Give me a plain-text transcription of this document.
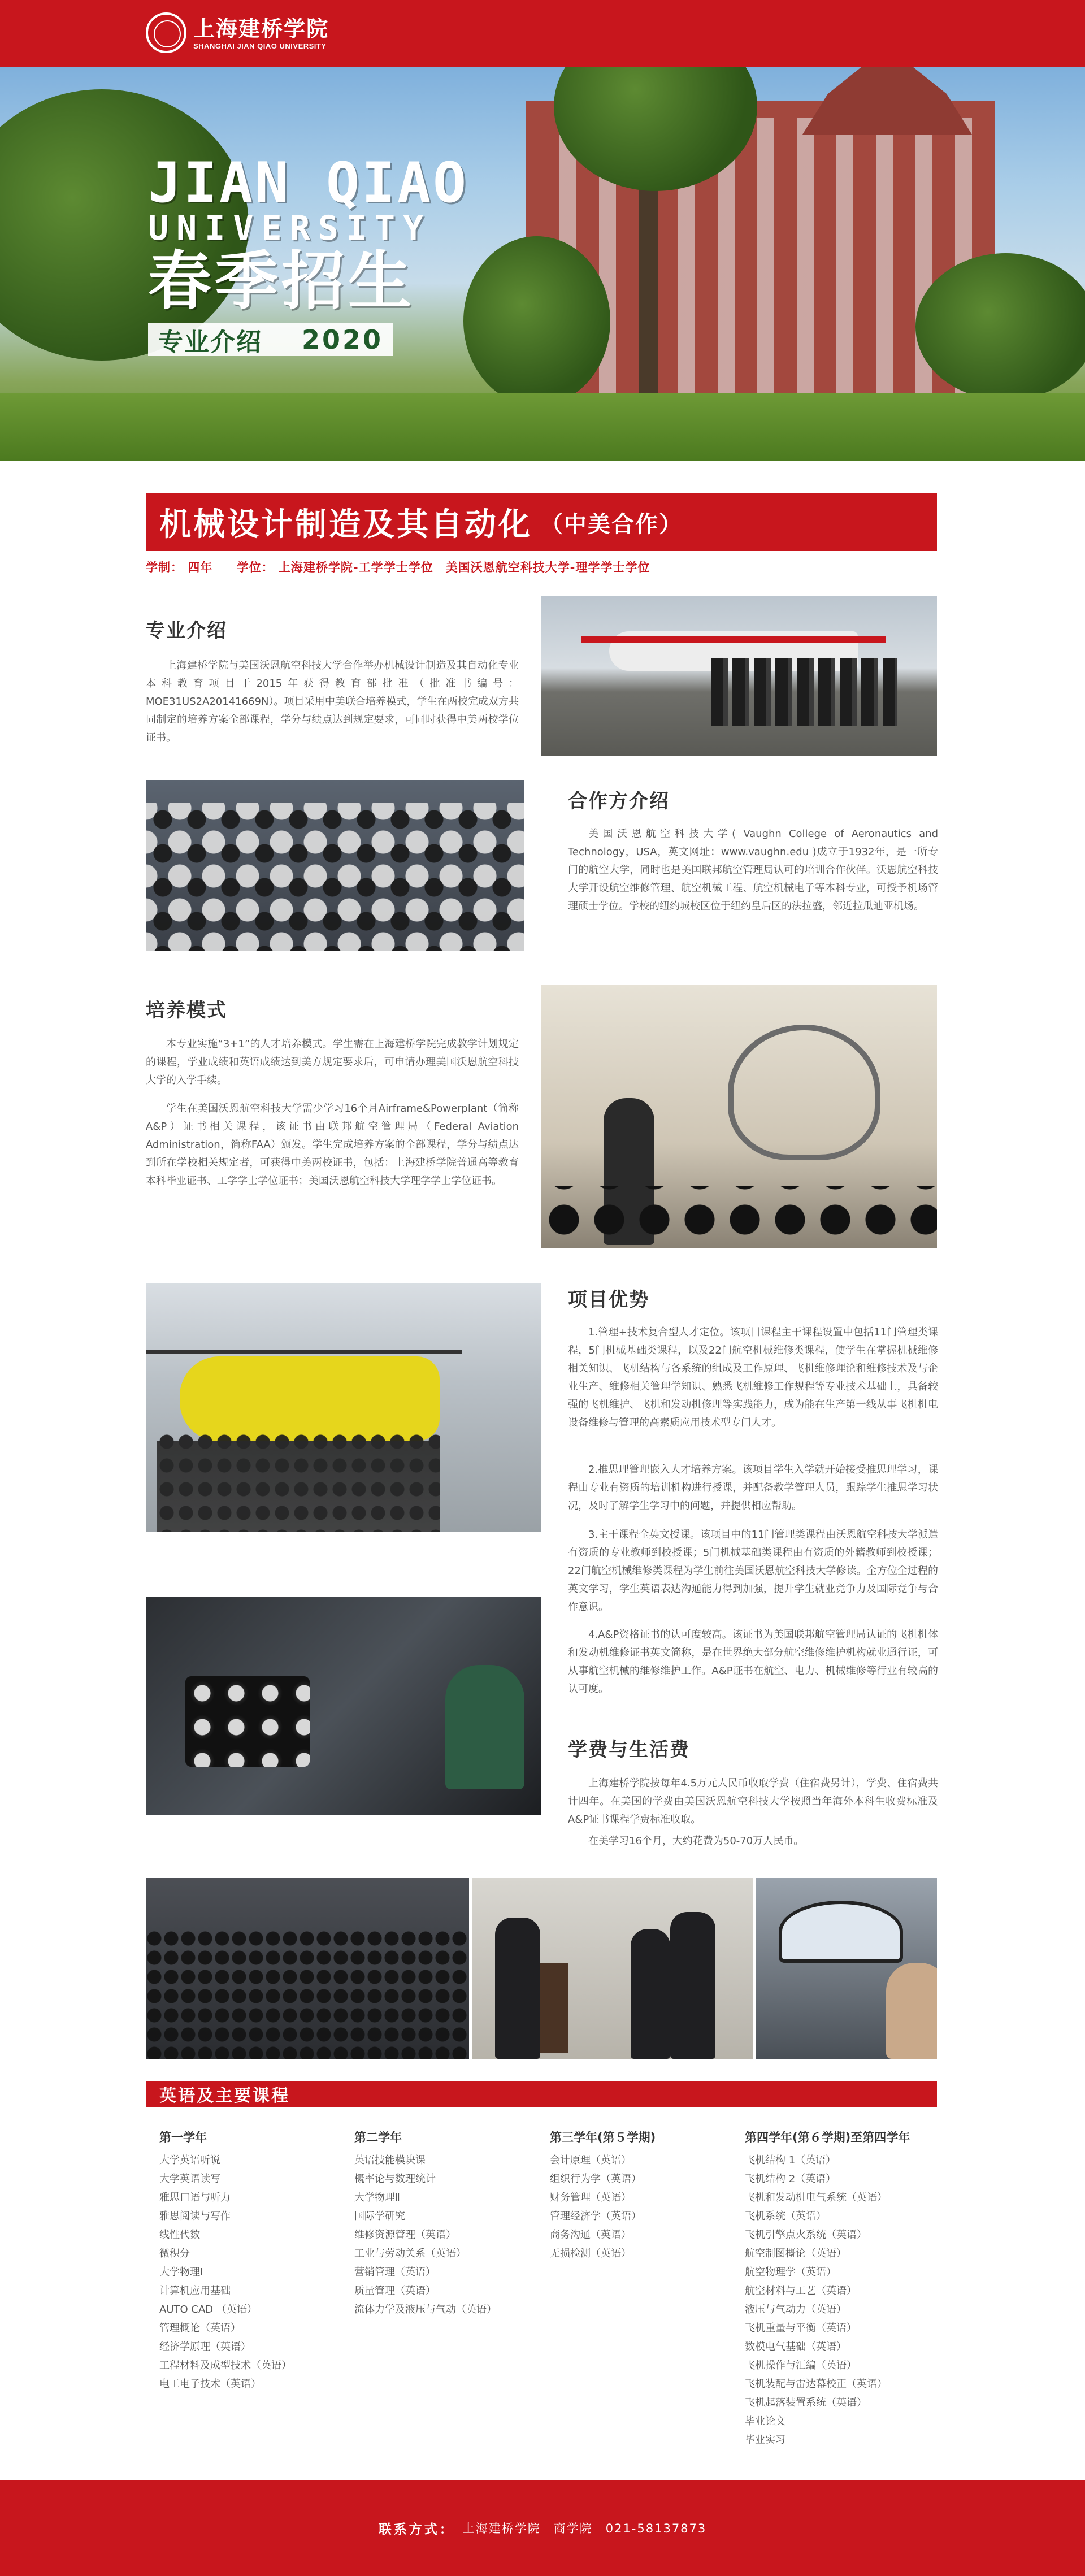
上海建桥学院
SHANGHAI JIAN QIAO UNIVERSITY
JIAN QIAO
UNIVERSITY
春季招生
专业介绍 2020
机械设计制造及其自动化 （中美合作）
学制： 四年 学位： 上海建桥学院-工学学士学位　美国沃恩航空科技大学-理学学士学位
专业介绍
上海建桥学院与美国沃恩航空科技大学合作举办机械设计制造及其自动化专业本科教育项目于2015年获得教育部批准（批准书编号：MOE31US2A20141669N）。项目采用中美联合培养模式，学生在两校完成双方共同制定的培养方案全部课程，学分与绩点达到规定要求，可同时获得中美两校学位证书。
合作方介绍
美国沃恩航空科技大学( Vaughn College of Aeronautics and Technology，USA，英文网址：www.vaughn.edu )成立于1932年，是一所专门的航空大学，同时也是美国联邦航空管理局认可的培训合作伙伴。沃恩航空科技大学开设航空维修管理、航空机械工程、航空机械电子等本科专业，可授予机场管理硕士学位。学校的纽约城校区位于纽约皇后区的法拉盛，邻近拉瓜迪亚机场。
培养模式
本专业实施“3+1”的人才培养模式。学生需在上海建桥学院完成教学计划规定的课程，学业成绩和英语成绩达到美方规定要求后，可申请办理美国沃恩航空科技大学的入学手续。
学生在美国沃恩航空科技大学需少学习16个月Airframe&Powerplant（简称A&P）证书相关课程，该证书由联邦航空管理局（Federal Aviation Administration，简称FAA）颁发。学生完成培养方案的全部课程，学分与绩点达到所在学校相关规定者，可获得中美两校证书，包括：上海建桥学院普通高等教育本科毕业证书、工学学士学位证书；美国沃恩航空科技大学理学学士学位证书。
项目优势
1.管理+技术复合型人才定位。该项目课程主干课程设置中包括11门管理类课程，5门机械基础类课程，以及22门航空机械维修类课程，使学生在掌握机械维修相关知识、飞机结构与各系统的组成及工作原理、飞机维修理论和维修技术及与企业生产、维修相关管理学知识、熟悉飞机维修工作规程等专业技术基础上，具备较强的飞机维护、飞机和发动机修理等实践能力，成为能在生产第一线从事飞机机电设备维修与管理的高素质应用技术型专门人才。
2.推思理管理嵌入人才培养方案。该项目学生入学就开始接受推思理学习，课程由专业有资质的培训机构进行授课，并配备教学管理人员，跟踪学生推思学习状况，及时了解学生学习中的问题，并提供相应帮助。
3.主干课程全英文授课。该项目中的11门管理类课程由沃恩航空科技大学派遣有资质的专业教师到校授课；5门机械基础类课程由有资质的外籍教师到校授课；22门航空机械维修类课程为学生前往美国沃恩航空科技大学修读。全方位全过程的英文学习，学生英语表达沟通能力得到加强，提升学生就业竞争力及国际竞争与合作意识。
4.A&P资格证书的认可度较高。该证书为美国联邦航空管理局认证的飞机机体和发动机维修证书英文简称，是在世界绝大部分航空维修维护机构就业通行证，可从事航空机械的维修维护工作。A&P证书在航空、电力、机械维修等行业有较高的认可度。
学费与生活费
上海建桥学院按每年4.5万元人民币收取学费（住宿费另计），学费、住宿费共计四年。在美国的学费由美国沃恩航空科技大学按照当年海外本科生收费标准及A&P证书课程学费标准收取。
在美学习16个月，大约花费为50-70万人民币。
英语及主要课程
第一学年
大学英语听说
大学英语读写
雅思口语与听力
雅思阅读与写作
线性代数
微积分
大学物理Ⅰ
计算机应用基础
AUTO CAD （英语）
管理概论（英语）
经济学原理（英语）
工程材料及成型技术（英语）
电工电子技术（英语）
第二学年
英语技能模块课
概率论与数理统计
大学物理Ⅱ
国际学研究
维修资源管理（英语）
工业与劳动关系（英语）
营销管理（英语）
质量管理（英语）
流体力学及液压与气动（英语）
第三学年(第５学期)
会计原理（英语）
组织行为学（英语）
财务管理（英语）
管理经济学（英语）
商务沟通（英语）
无损检测（英语）
第四学年(第６学期)至第四学年
飞机结构 1（英语）
飞机结构 2（英语）
飞机和发动机电气系统（英语）
飞机系统（英语）
飞机引擎点火系统（英语）
航空制图概论（英语）
航空物理学（英语）
航空材料与工艺（英语）
液压与气动力（英语）
飞机重量与平衡（英语）
数模电气基础（英语）
飞机操作与汇编（英语）
飞机装配与雷达幕校正（英语）
飞机起落装置系统（英语）
毕业论文
毕业实习
联系方式： 上海建桥学院　商学院　021-58137873
